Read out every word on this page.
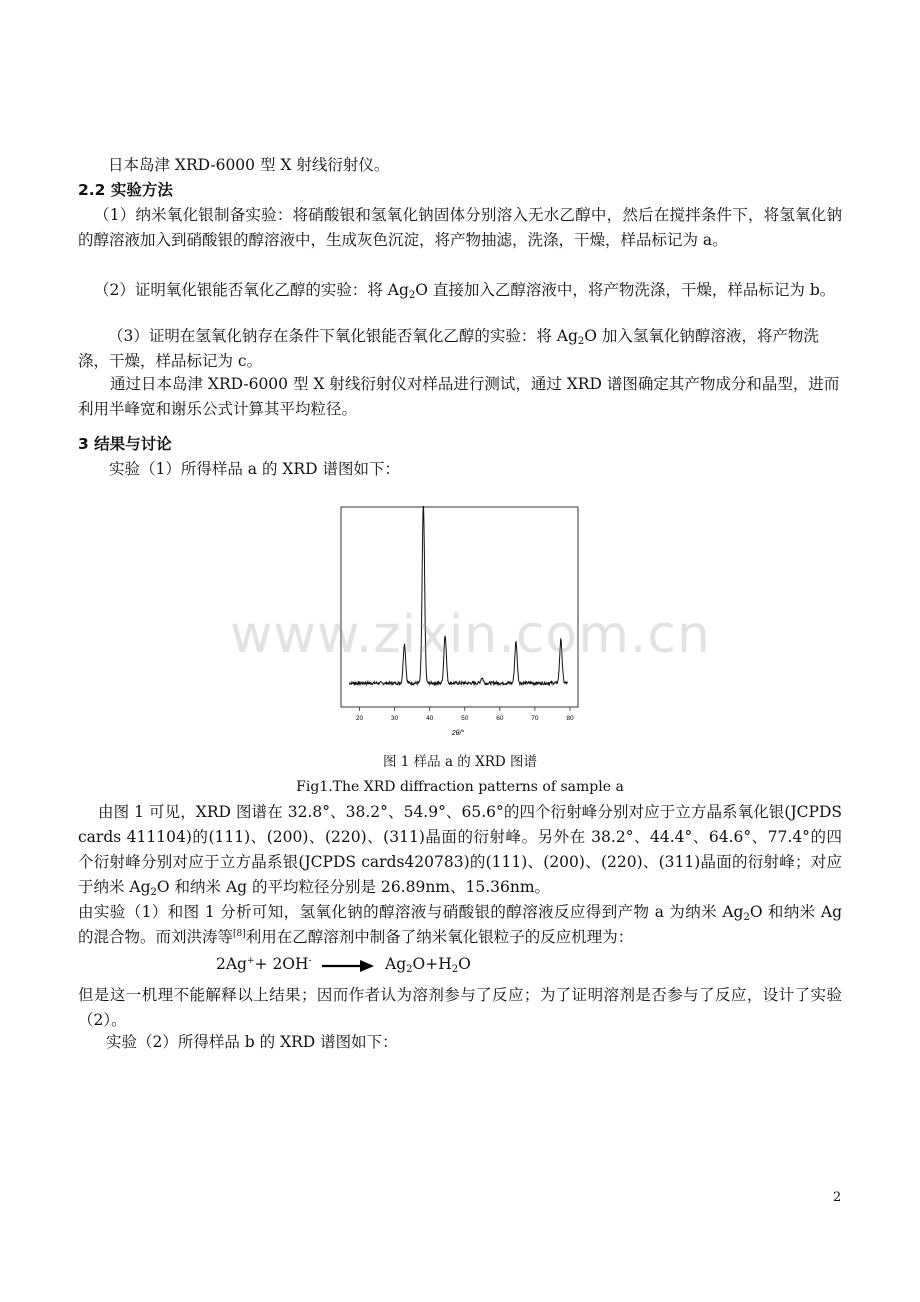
日本岛津 XRD-6000 型 X 射线衍射仪。

2.2 实验方法

（1）纳米氧化银制备实验：将硝酸银和氢氧化钠固体分别溶入无水乙醇中，然后在搅拌条件下，将氢氧化钠的醇溶液加入到硝酸银的醇溶液中，生成灰色沉淀，将产物抽滤，洗涤，干燥，样品标记为 a。

（2）证明氧化银能否氧化乙醇的实验：将 $Ag_2O$ 直接加入乙醇溶液中，将产物洗涤，干燥，样品标记为 b。

（3）证明在氢氧化钠存在条件下氧化银能否氧化乙醇的实验：将 $Ag_2O$ 加入氢氧化钠醇溶液，将产物洗涤，干燥，样品标记为 c。

通过日本岛津 XRD-6000 型 X 射线衍射仪对样品进行测试，通过 XRD 谱图确定其产物成分和晶型，进而利用半峰宽和谢乐公式计算其平均粒径。

3 结果与讨论

实验（1）所得样品 a 的 XRD 谱图如下：

20	30	40	50	60	70	80
2θ/°
图 1 样品 a 的 XRD 图谱
Fig1.The XRD diffraction patterns of sample a

由图 1 可见，XRD 图谱在 32.8°、38.2°、54.9°、65.6°的四个衍射峰分别对应于立方晶系氧化银(JCPDS cards 411104)的(111)、(200)、(220)、(311)晶面的衍射峰。另外在 38.2°、44.4°、64.6°、77.4°的四个衍射峰分别对应于立方晶系银(JCPDS cards420783)的(111)、(200)、(220)、(311)晶面的衍射峰；对应于纳米 $Ag_2O$ 和纳米 Ag 的平均粒径分别是 26.89nm、15.36nm。

由实验（1）和图 1 分析可知，氢氧化钠的醇溶液与硝酸银的醇溶液反应得到产物 a 为纳米 $Ag_2O$ 和纳米 Ag 的混合物。而刘洪涛等[8]利用在乙醇溶剂中制备了纳米氧化银粒子的反应机理为：

$2Ag^++ 2OH^- \to Ag_2O+H_2O$

但是这一机理不能解释以上结果；因而作者认为溶剂参与了反应；为了证明溶剂是否参与了反应，设计了实验（2）。

实验（2）所得样品 b 的 XRD 谱图如下：

www.zixin.com.cn
2
